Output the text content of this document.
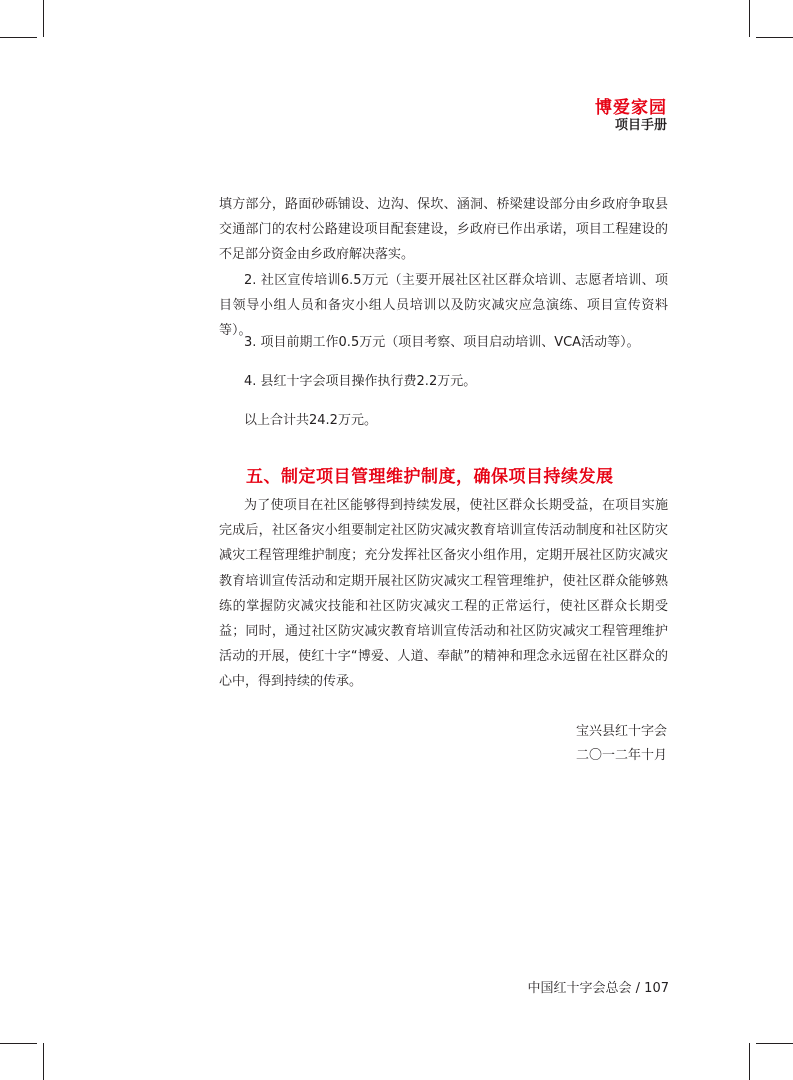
博爱家园
项目手册

填方部分，路面砂砾铺设、边沟、保坎、涵洞、桥梁建设部分由乡政府争取县交通部门的农村公路建设项目配套建设，乡政府已作出承诺，项目工程建设的不足部分资金由乡政府解决落实。

2. 社区宣传培训6.5万元（主要开展社区社区群众培训、志愿者培训、项目领导小组人员和备灾小组人员培训以及防灾减灾应急演练、项目宣传资料等）。

3. 项目前期工作0.5万元（项目考察、项目启动培训、VCA活动等）。

4. 县红十字会项目操作执行费2.2万元。

以上合计共24.2万元。

五、制定项目管理维护制度，确保项目持续发展

为了使项目在社区能够得到持续发展，使社区群众长期受益，在项目实施完成后，社区备灾小组要制定社区防灾减灾教育培训宣传活动制度和社区防灾减灾工程管理维护制度；充分发挥社区备灾小组作用，定期开展社区防灾减灾教育培训宣传活动和定期开展社区防灾减灾工程管理维护，使社区群众能够熟练的掌握防灾减灾技能和社区防灾减灾工程的正常运行，使社区群众长期受益；同时，通过社区防灾减灾教育培训宣传活动和社区防灾减灾工程管理维护活动的开展，使红十字“博爱、人道、奉献”的精神和理念永远留在社区群众的心中，得到持续的传承。

宝兴县红十字会
二〇一二年十月
中国红十字会总会 / 107
